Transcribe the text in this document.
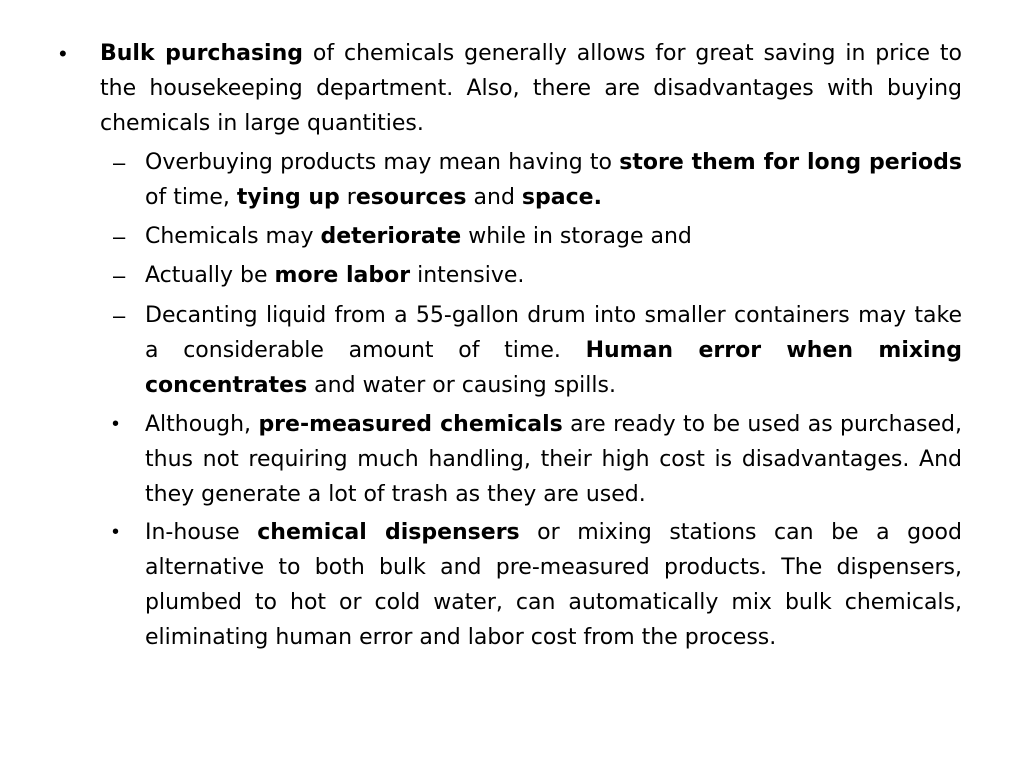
• Bulk purchasing of chemicals generally allows for great saving in price to the housekeeping department. Also, there are disadvantages with buying chemicals in large quantities.
– Overbuying products may mean having to store them for long periods of time, tying up resources and space.
– Chemicals may deteriorate while in storage and
– Actually be more labor intensive.
– Decanting liquid from a 55-gallon drum into smaller containers may take a considerable amount of time. Human error when mixing concentrates and water or causing spills.
• Although, pre-measured chemicals are ready to be used as purchased, thus not requiring much handling, their high cost is disadvantages. And they generate a lot of trash as they are used.
• In-house chemical dispensers or mixing stations can be a good alternative to both bulk and pre-measured products. The dispensers, plumbed to hot or cold water, can automatically mix bulk chemicals, eliminating human error and labor cost from the process.
